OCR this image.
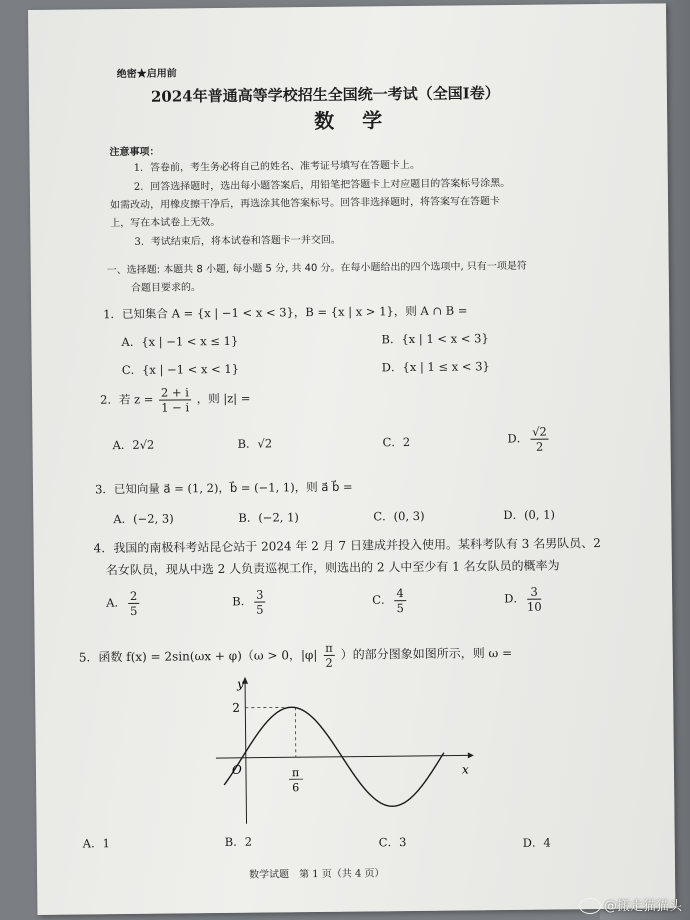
绝密★启用前
2024年普通高等学校招生全国统一考试（全国Ⅰ卷）
数　学
注意事项：
1．答卷前，考生务必将自己的姓名、准考证号填写在答题卡上。
2．回答选择题时，选出每小题答案后，用铅笔把答题卡上对应题目的答案标号涂黑。
如需改动，用橡皮擦干净后，再选涂其他答案标号。回答非选择题时，将答案写在答题卡
上，写在本试卷上无效。
3．考试结束后，将本试卷和答题卡一并交回。
一、选择题: 本题共 8 小题, 每小题 5 分, 共 40 分。在每小题给出的四个选项中, 只有一项是符
合题目要求的。
1．已知集合 A = {x | −1 < x < 3}，B = {x | x > 1}，则 A ∩ B =
A．{x | −1 < x ≤ 1}	B．{x | 1 < x < 3}
C．{x | −1 < x < 1}	D．{x | 1 ≤ x < 3}
2．若 $z = \frac{2 + i}{1 - i}$ ，则 |z| =
A．2√2	B．√2	C．2	D． $\frac{√2}{2}$
3．已知向量 a⃗ = (1, 2)，b⃗ = (−1, 1)，则 a⃗ b⃗ =
A．(−2, 3)	B．(−2, 1)	C．(0, 3)	D．(0, 1)
4．我国的南极科考站昆仑站于 2024 年 2 月 7 日建成并投入使用。某科考队有 3 名男队员、2
名女队员，现从中选 2 人负责巡视工作，则选出的 2 人中至少有 1 名女队员的概率为
A． $\frac{2}{5}$	B． $\frac{3}{5}$	C． $\frac{4}{5}$	D． $\frac{3}{10}$
5．函数 f(x) = 2sin(ωx + φ)（ω > 0，$|\varphi| \frac{\pi}{2}$ ）的部分图象如图所示，则 ω =
y
x
O
2
π
6
A．1	B．2	C．3	D．4
数学试题　第 1 页（共 4 页）
@搬走猫猫头
